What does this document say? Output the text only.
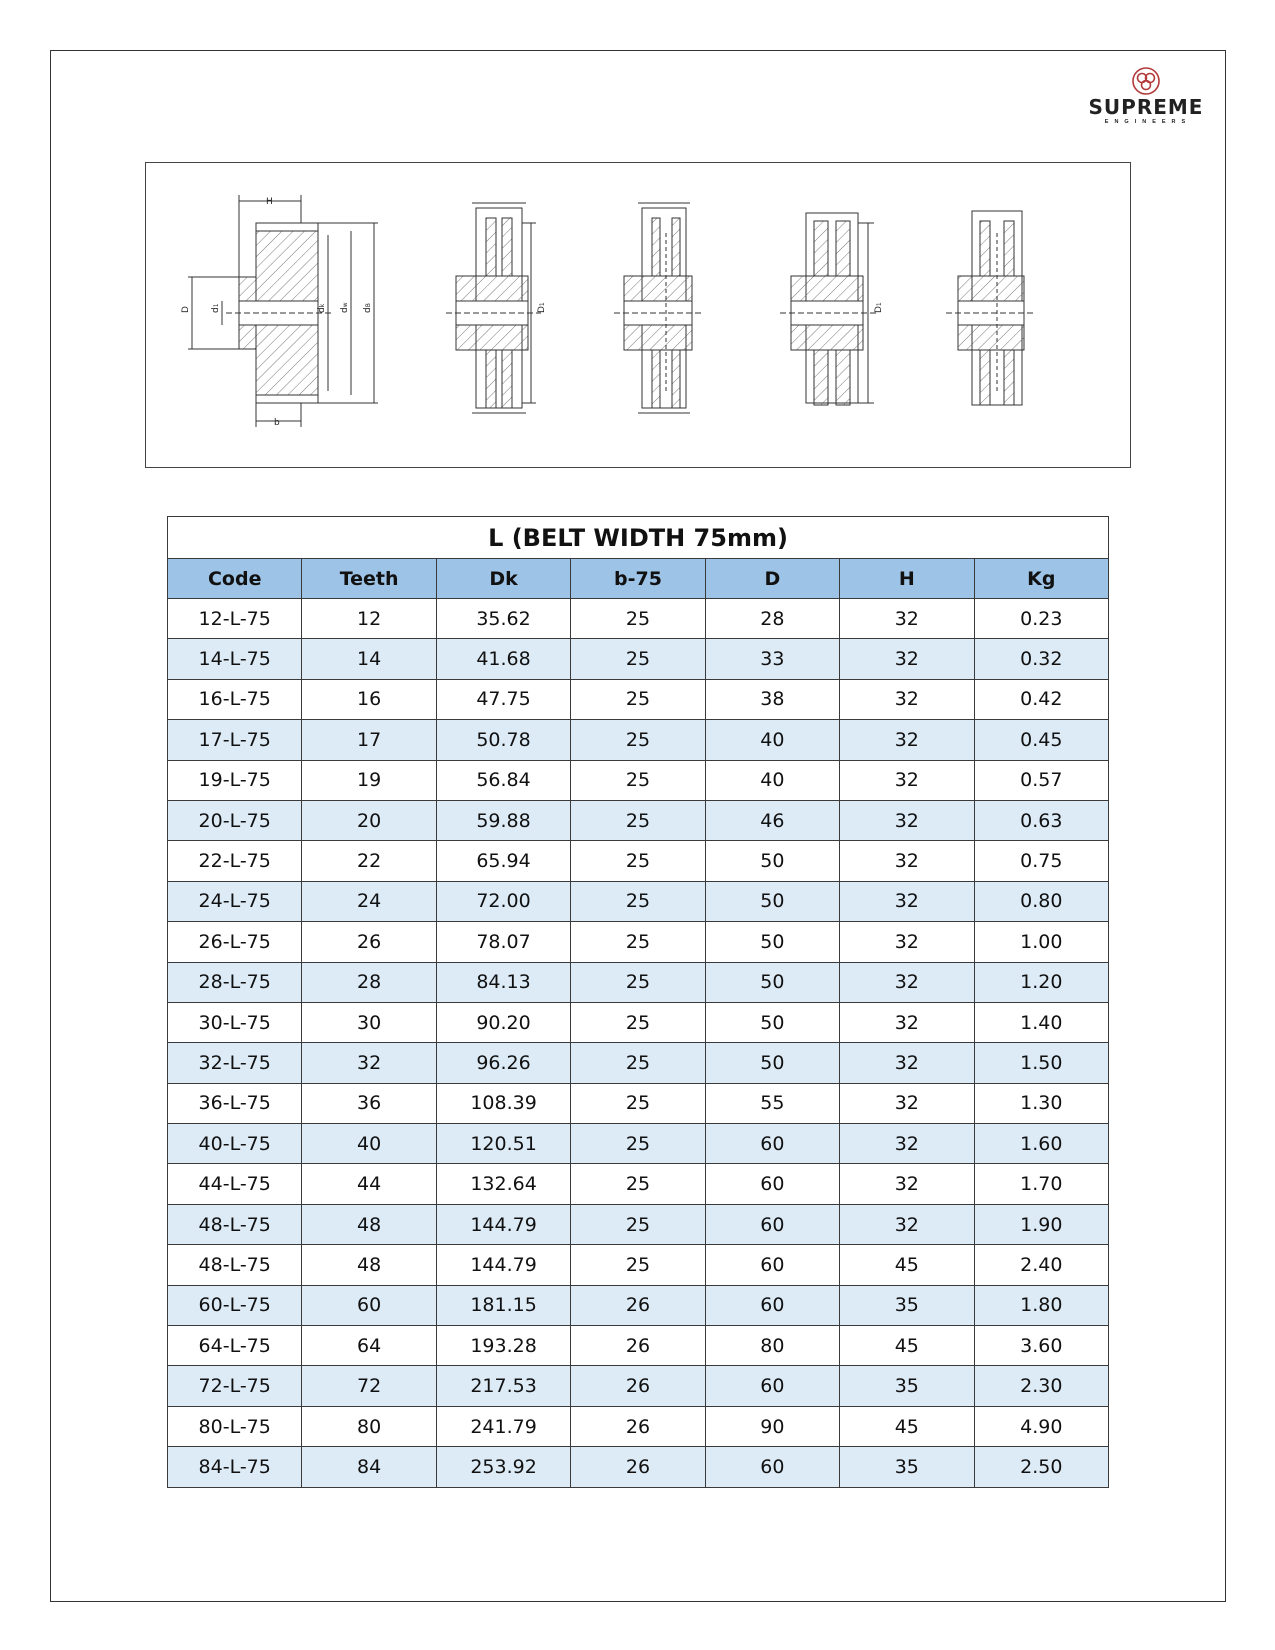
SUPREME
ENGINEERS
H
b
D d1
dk
dw
dB
D1
D1
L (BELT WIDTH 75mm)						
Code	Teeth	Dk	b-75	D	H	Kg
12-L-75	12	35.62	25	28	32	0.23
14-L-75	14	41.68	25	33	32	0.32
16-L-75	16	47.75	25	38	32	0.42
17-L-75	17	50.78	25	40	32	0.45
19-L-75	19	56.84	25	40	32	0.57
20-L-75	20	59.88	25	46	32	0.63
22-L-75	22	65.94	25	50	32	0.75
24-L-75	24	72.00	25	50	32	0.80
26-L-75	26	78.07	25	50	32	1.00
28-L-75	28	84.13	25	50	32	1.20
30-L-75	30	90.20	25	50	32	1.40
32-L-75	32	96.26	25	50	32	1.50
36-L-75	36	108.39	25	55	32	1.30
40-L-75	40	120.51	25	60	32	1.60
44-L-75	44	132.64	25	60	32	1.70
48-L-75	48	144.79	25	60	32	1.90
48-L-75	48	144.79	25	60	45	2.40
60-L-75	60	181.15	26	60	35	1.80
64-L-75	64	193.28	26	80	45	3.60
72-L-75	72	217.53	26	60	35	2.30
80-L-75	80	241.79	26	90	45	4.90
84-L-75	84	253.92	26	60	35	2.50
